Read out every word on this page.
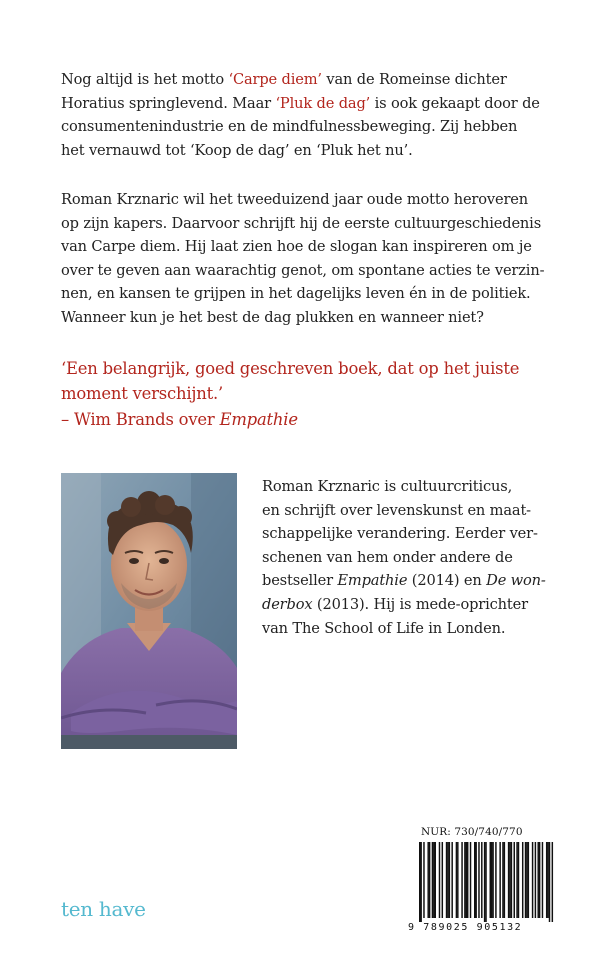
Nog altijd is het motto ‘Carpe diem’ van de Romeinse dichter
Horatius springlevend. Maar ‘Pluk de dag’ is ook gekaapt door de
consumentenindustrie en de mindfulnessbeweging. Zij hebben
het vernauwd tot ‘Koop de dag’ en ‘Pluk het nu’.

Roman Krznaric wil het tweeduizend jaar oude motto heroveren
op zijn kapers. Daarvoor schrijft hij de eerste cultuurgeschiedenis
van Carpe diem. Hij laat zien hoe de slogan kan inspireren om je
over te geven aan waarachtig genot, om spontane acties te verzin-
nen, en kansen te grijpen in het dagelijks leven én in de politiek.
Wanneer kun je het best de dag plukken en wanneer niet?

‘Een belangrijk, goed geschreven boek, dat op het juiste
moment verschijnt.’
– Wim Brands over Empathie
Roman Krznaric is cultuurcriticus,
en schrijft over levenskunst en maat-
schappelijke verandering. Eerder ver-
schenen van hem onder andere de
bestseller Empathie (2014) en De won-
derbox (2013). Hij is mede-oprichter
van The School of Life in Londen.
NUR: 730/740/770
9 789025 905132
ten have
